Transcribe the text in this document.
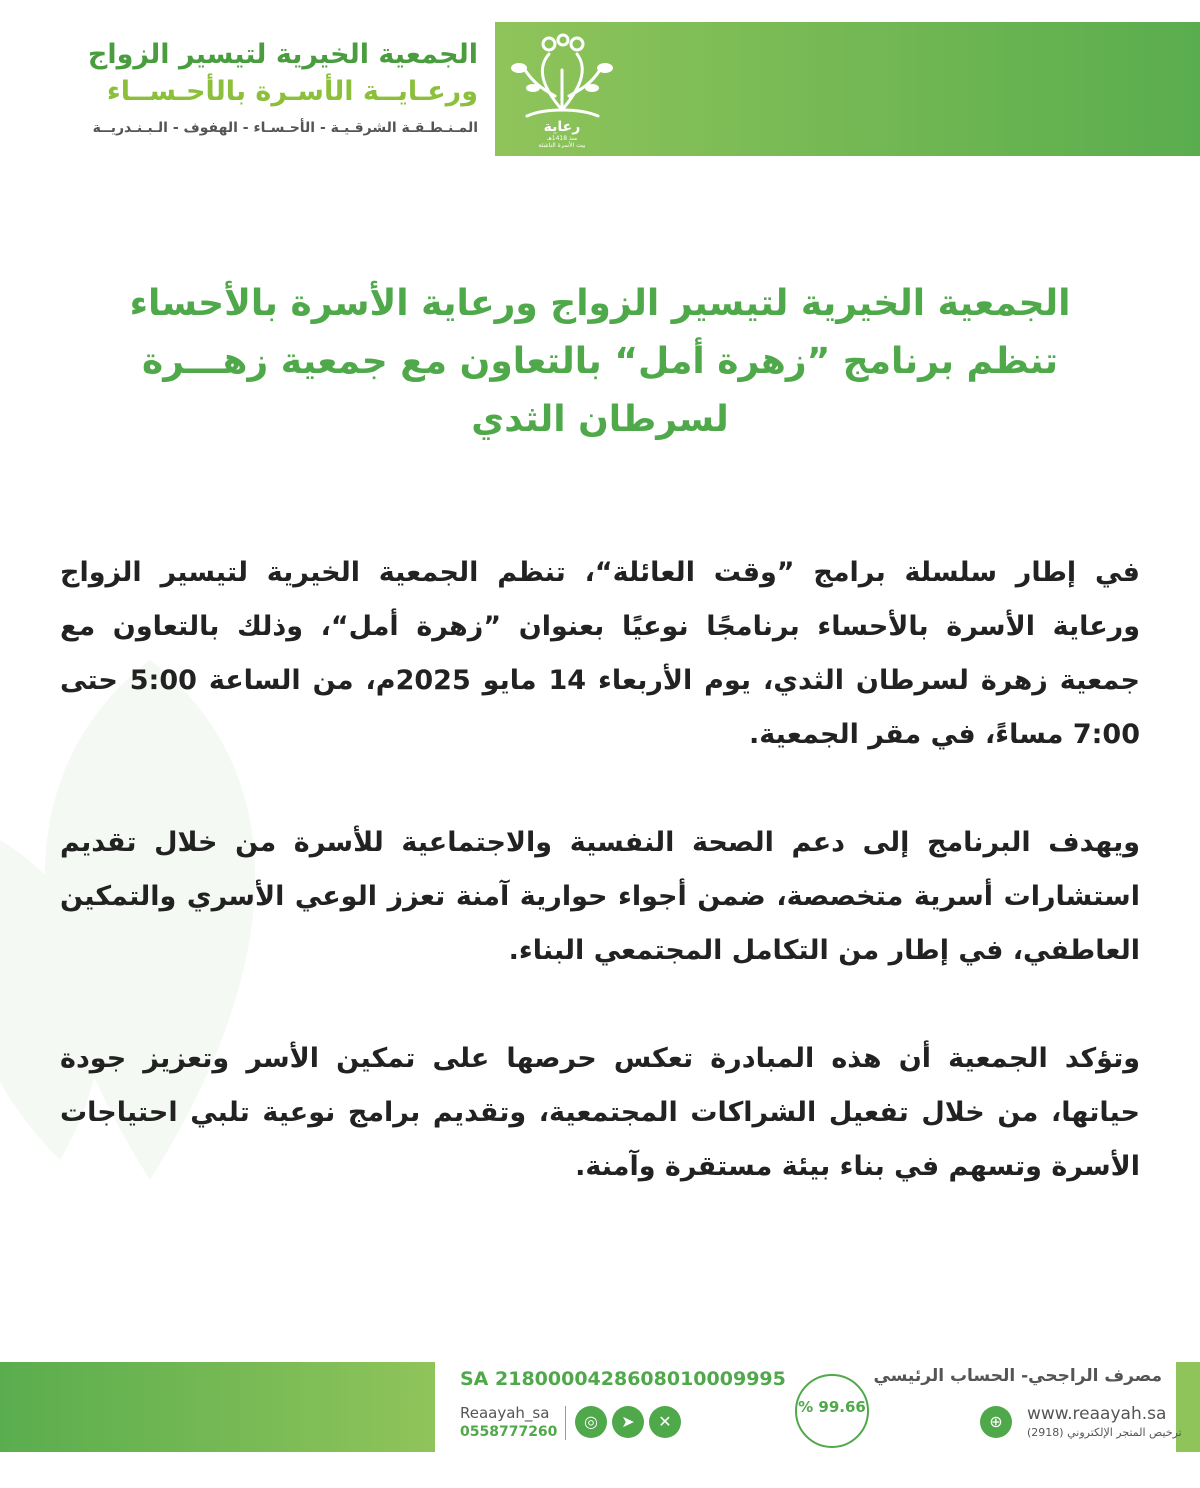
رعاية
منذ 1418هـ
بيت الأسرة الناشئة
الجمعية الخيرية لتيسير الزواج
ورعـايــة الأسـرة بالأحـســاء
المـنـطـقـة الشرقـيـة - الأحـسـاء - الهفوف - الـبـنـدريــة
الجمعية الخيرية لتيسير الزواج ورعاية الأسرة بالأحساء
تنظم برنامج ”زهرة أمل“ بالتعاون مع جمعية زهـــرة
لسرطان الثدي

في إطار سلسلة برامج ”وقت العائلة“، تنظم الجمعية الخيرية لتيسير الزواج ورعاية الأسرة بالأحساء برنامجًا نوعيًا بعنوان ”زهرة أمل“، وذلك بالتعاون مع جمعية زهرة لسرطان الثدي، يوم الأربعاء 14 مايو 2025م، من الساعة 5:00 حتى 7:00 مساءً، في مقر الجمعية.

ويهدف البرنامج إلى دعم الصحة النفسية والاجتماعية للأسرة من خلال تقديم استشارات أسرية متخصصة، ضمن أجواء حوارية آمنة تعزز الوعي الأسري والتمكين العاطفي، في إطار من التكامل المجتمعي البناء.

وتؤكد الجمعية أن هذه المبادرة تعكس حرصها على تمكين الأسر وتعزيز جودة حياتها، من خلال تفعيل الشراكات المجتمعية، وتقديم برامج نوعية تلبي احتياجات الأسرة وتسهم في بناء بيئة مستقرة وآمنة.

SA 2180000428608010009995
Reaayah_sa
0558777260
◎	➤	✕
% 99.66
مصرف الراجحي- الحساب الرئيسي
⊕	www.reaayah.sa
ترخيص المتجر الإلكتروني (2918)
